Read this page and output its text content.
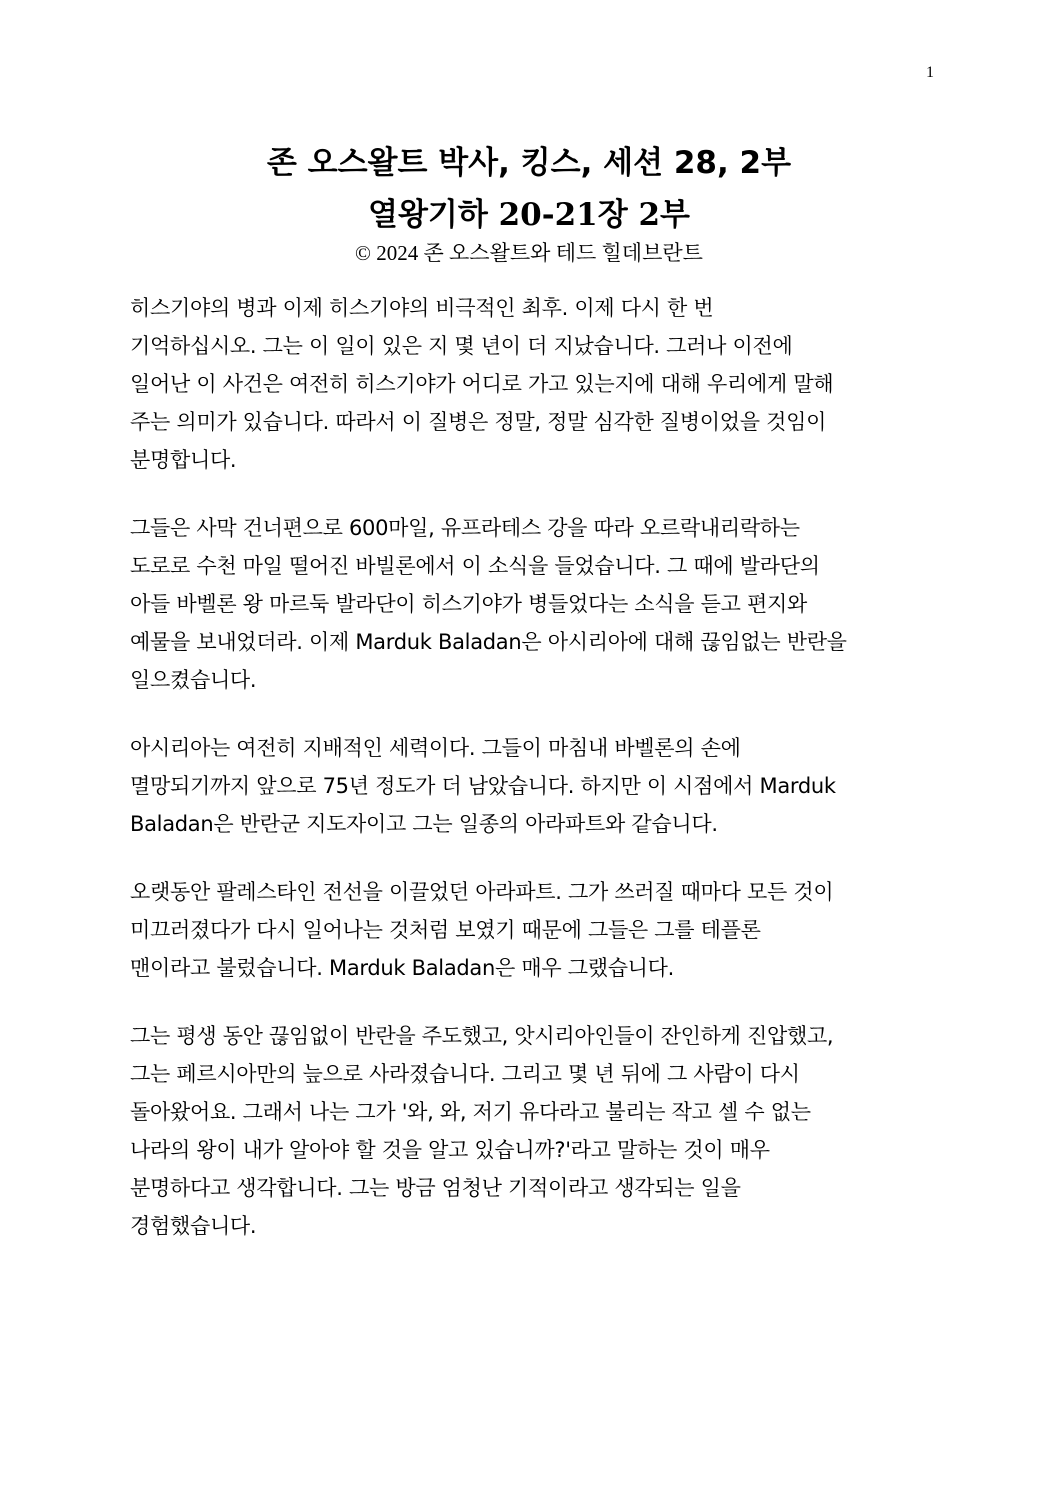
1
존 오스왈트 박사, 킹스, 세션 28, 2부
열왕기하 20-21장 2부
© 2024 존 오스왈트와 테드 힐데브란트
히스기야의 병과 이제 히스기야의 비극적인 최후. 이제 다시 한 번
기억하십시오. 그는 이 일이 있은 지 몇 년이 더 지났습니다. 그러나 이전에
일어난 이 사건은 여전히 히스기야가 어디로 가고 있는지에 대해 우리에게 말해
주는 의미가 있습니다. 따라서 이 질병은 정말, 정말 심각한 질병이었을 것임이
분명합니다.
그들은 사막 건너편으로 600마일, 유프라테스 강을 따라 오르락내리락하는
도로로 수천 마일 떨어진 바빌론에서 이 소식을 들었습니다. 그 때에 발라단의
아들 바벨론 왕 마르둑 발라단이 히스기야가 병들었다는 소식을 듣고 편지와
예물을 보내었더라. 이제 Marduk Baladan은 아시리아에 대해 끊임없는 반란을
일으켰습니다.
아시리아는 여전히 지배적인 세력이다. 그들이 마침내 바벨론의 손에
멸망되기까지 앞으로 75년 정도가 더 남았습니다. 하지만 이 시점에서 Marduk
Baladan은 반란군 지도자이고 그는 일종의 아라파트와 같습니다.
오랫동안 팔레스타인 전선을 이끌었던 아라파트. 그가 쓰러질 때마다 모든 것이
미끄러졌다가 다시 일어나는 것처럼 보였기 때문에 그들은 그를 테플론
맨이라고 불렀습니다. Marduk Baladan은 매우 그랬습니다.
그는 평생 동안 끊임없이 반란을 주도했고, 앗시리아인들이 잔인하게 진압했고,
그는 페르시아만의 늪으로 사라졌습니다. 그리고 몇 년 뒤에 그 사람이 다시
돌아왔어요. 그래서 나는 그가 '와, 와, 저기 유다라고 불리는 작고 셀 수 없는
나라의 왕이 내가 알아야 할 것을 알고 있습니까?'라고 말하는 것이 매우
분명하다고 생각합니다. 그는 방금 엄청난 기적이라고 생각되는 일을
경험했습니다.
